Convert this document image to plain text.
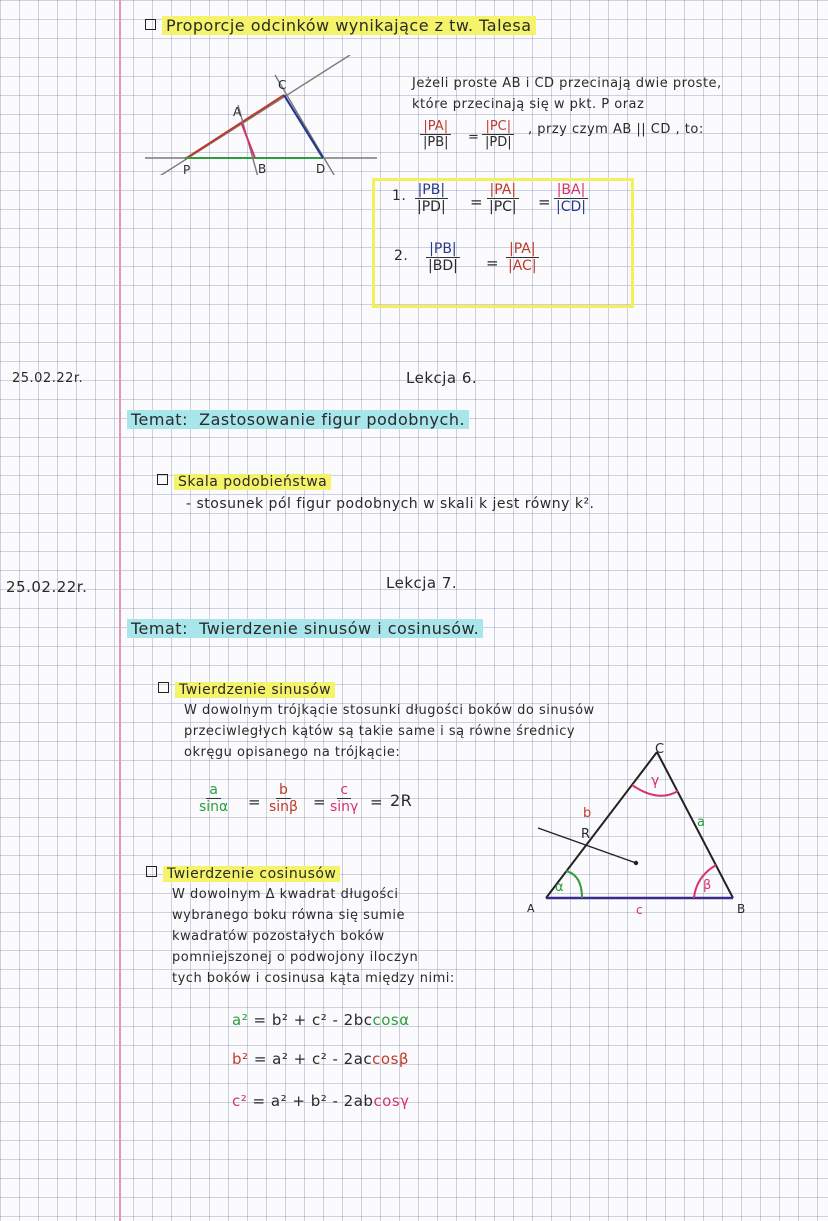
Proporcje odcinków wynikające z tw. Talesa
A
C
B	D
P
Jeżeli proste AB i CD przecinają dwie proste,
które przecinają się w pkt. P oraz
$\frac{|PA|}{|PB|} = \frac{|PC|}{|PD|}$ , przy czym AB || CD , to:
1. $\frac{|PB|}{|PD|} = \frac{|PA|}{|PC|} = \frac{|BA|}{|CD|}$
2. $\frac{|PB|}{|BD|} = \frac{|PA|}{|AC|}$
25.02.22r.	Lekcja 6.
Temat: Zastosowanie figur podobnych.
Skala podobieństwa
- stosunek pól figur podobnych w skali k jest równy k².
25.02.22r.	Lekcja 7.
Temat: Twierdzenie sinusów i cosinusów.
Twierdzenie sinusów
W dowolnym trójkącie stosunki długości boków do sinusów
przeciwległych kątów są takie same i są równe średnicy
okręgu opisanego na trójkącie:
$\frac{a}{\sin\alpha} = \frac{b}{\sin\beta} = \frac{c}{\sin\gamma} = 2R$
C
A	B
a
b
c
α	β
γ
R
Twierdzenie cosinusów
W dowolnym Δ kwadrat długości
wybranego boku równa się sumie
kwadratów pozostałych boków
pomniejszonej o podwojony iloczyn
tych boków i cosinusa kąta między nimi:
a² = b² + c² - 2bccosα
b² = a² + c² - 2accosβ
c² = a² + b² - 2abcosγ
